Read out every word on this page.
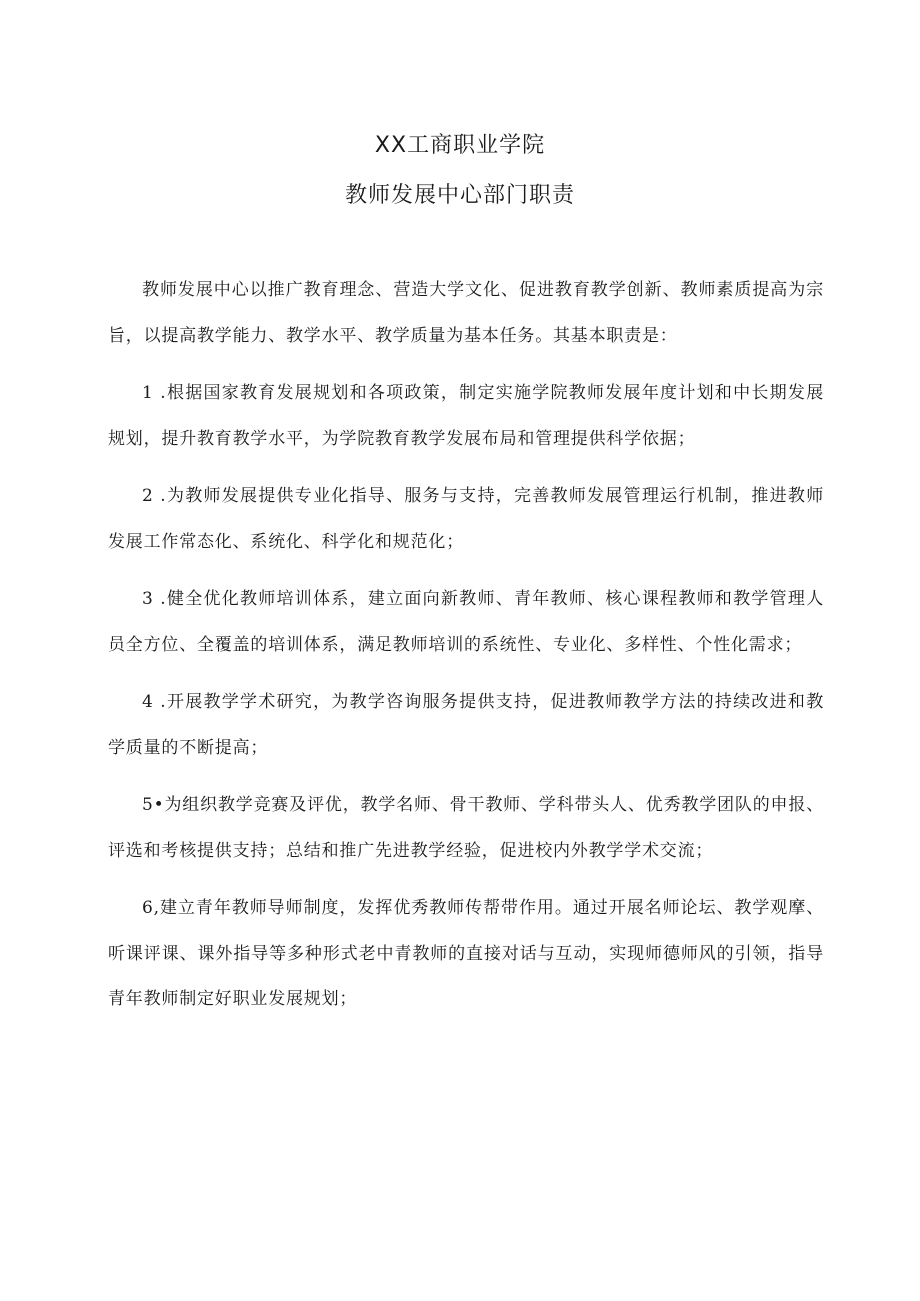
XX工商职业学院
教师发展中心部门职责

教师发展中心以推广教育理念、营造大学文化、促进教育教学创新、教师素质提高为宗旨，以提高教学能力、教学水平、教学质量为基本任务。其基本职责是：

1 .根据国家教育发展规划和各项政策，制定实施学院教师发展年度计划和中长期发展规划，提升教育教学水平，为学院教育教学发展布局和管理提供科学依据；

2 .为教师发展提供专业化指导、服务与支持，完善教师发展管理运行机制，推进教师发展工作常态化、系统化、科学化和规范化；

3 .健全优化教师培训体系，建立面向新教师、青年教师、核心课程教师和教学管理人员全方位、全覆盖的培训体系，满足教师培训的系统性、专业化、多样性、个性化需求；

4 .开展教学学术研究，为教学咨询服务提供支持，促进教师教学方法的持续改进和教学质量的不断提高；

5•为组织教学竞赛及评优，教学名师、骨干教师、学科带头人、优秀教学团队的申报、评选和考核提供支持；总结和推广先进教学经验，促进校内外教学学术交流；

6,建立青年教师导师制度，发挥优秀教师传帮带作用。通过开展名师论坛、教学观摩、听课评课、课外指导等多种形式老中青教师的直接对话与互动，实现师德师风的引领，指导青年教师制定好职业发展规划；
